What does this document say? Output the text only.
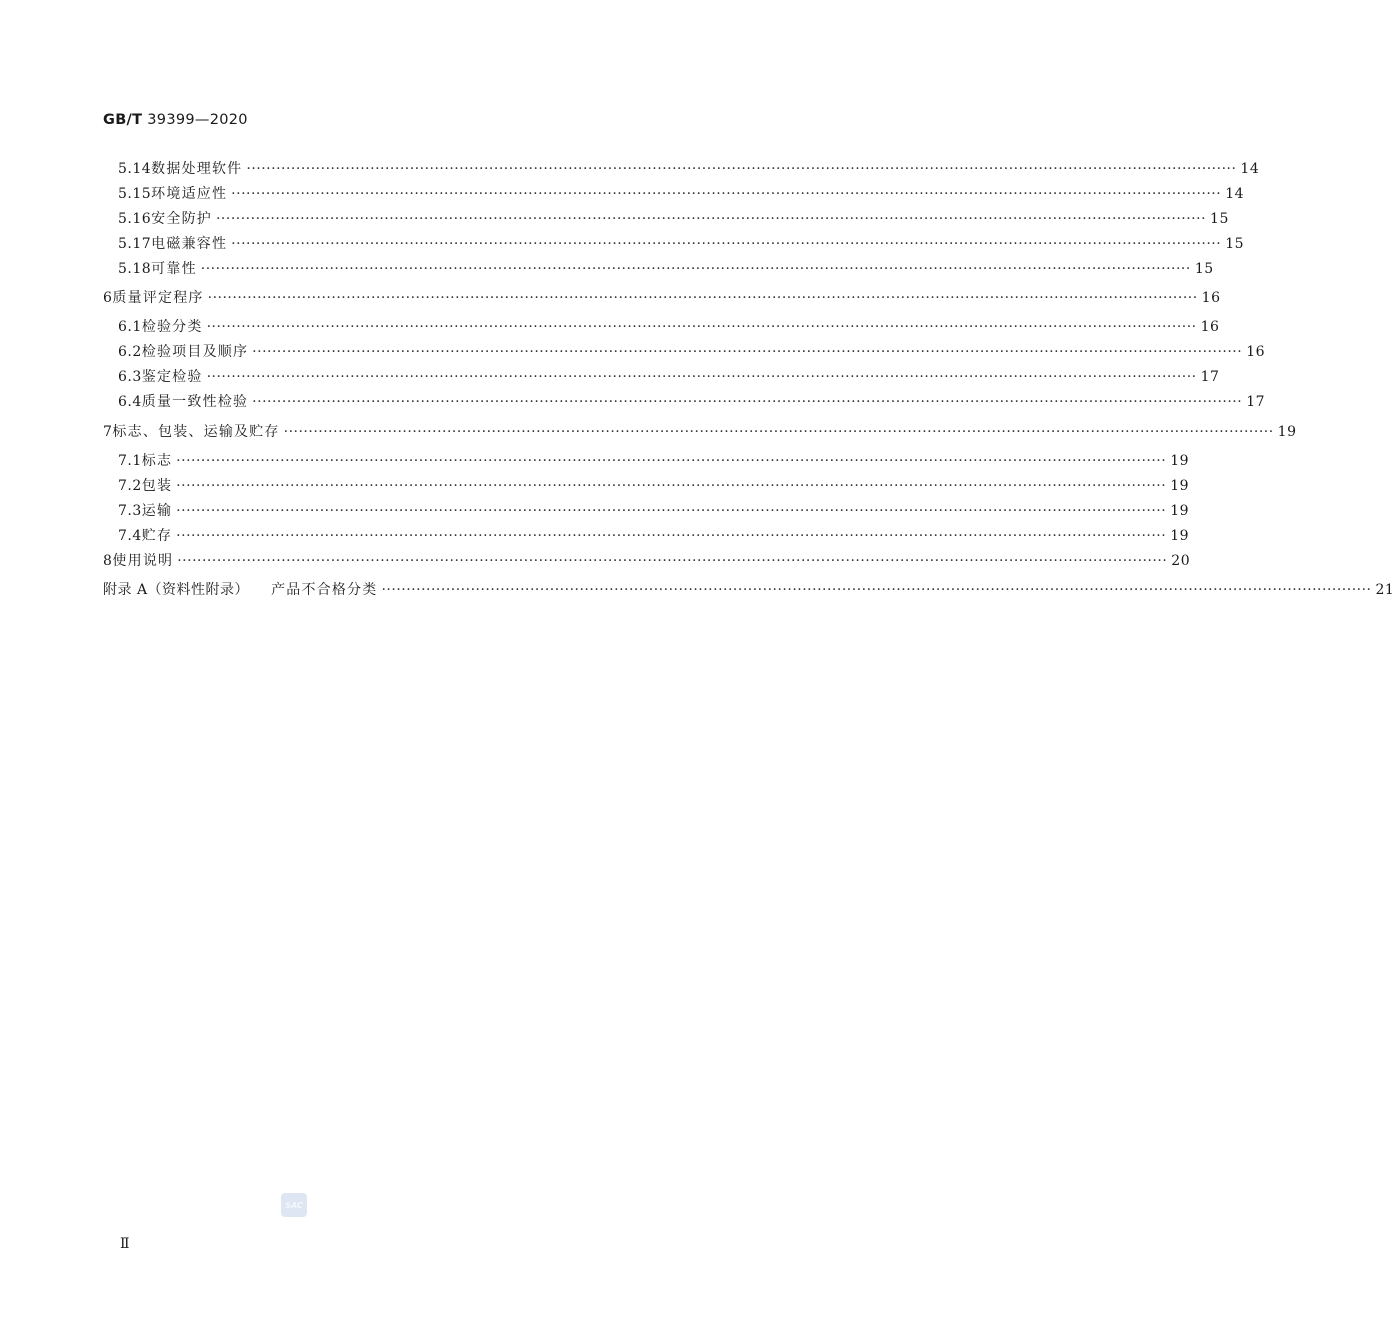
GB/T 39399—2020
5.14 数据处理软件 ········································································································································································································ 14
5.15 环境适应性 ········································································································································································································ 14
5.16 安全防护 ········································································································································································································ 15
5.17 电磁兼容性 ········································································································································································································ 15
5.18 可靠性 ········································································································································································································ 15
6 质量评定程序 ········································································································································································································ 16
6.1 检验分类 ········································································································································································································ 16
6.2 检验项目及顺序 ········································································································································································································ 16
6.3 鉴定检验 ········································································································································································································ 17
6.4 质量一致性检验 ········································································································································································································ 17
7 标志、包装、运输及贮存 ········································································································································································································ 19
7.1 标志 ········································································································································································································ 19
7.2 包装 ········································································································································································································ 19
7.3 运输 ········································································································································································································ 19
7.4 贮存 ········································································································································································································ 19
8 使用说明 ········································································································································································································ 20
附录 A（资料性附录） 产品不合格分类 ········································································································································································································ 21
SAC
Ⅱ
